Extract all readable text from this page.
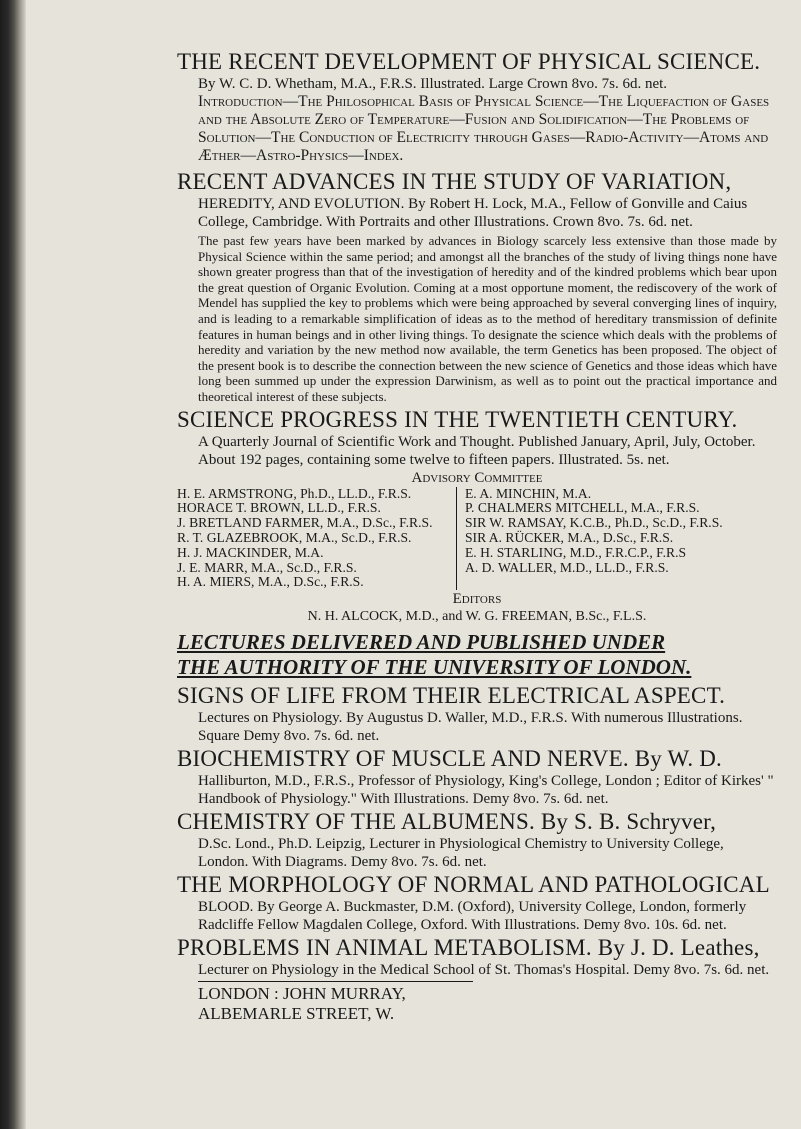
THE RECENT DEVELOPMENT OF PHYSICAL SCIENCE.

By W. C. D. Whetham, M.A., F.R.S. Illustrated. Large Crown 8vo. 7s. 6d. net.

Introduction—The Philosophical Basis of Physical Science—The Liquefaction of Gases and the Absolute Zero of Temperature—Fusion and Solidification—The Problems of Solution—The Conduction of Electricity through Gases—Radio-Activity—Atoms and Æther—Astro-Physics—Index.

RECENT ADVANCES IN THE STUDY OF VARIATION,

HEREDITY, AND EVOLUTION. By Robert H. Lock, M.A., Fellow of Gonville and Caius College, Cambridge. With Portraits and other Illustrations. Crown 8vo. 7s. 6d. net.

The past few years have been marked by advances in Biology scarcely less extensive than those made by Physical Science within the same period; and amongst all the branches of the study of living things none have shown greater progress than that of the investigation of heredity and of the kindred problems which bear upon the great question of Organic Evolution. Coming at a most opportune moment, the rediscovery of the work of Mendel has supplied the key to problems which were being approached by several converging lines of inquiry, and is leading to a remarkable simplification of ideas as to the method of hereditary transmission of definite features in human beings and in other living things. To designate the science which deals with the problems of heredity and variation by the new method now available, the term Genetics has been proposed. The object of the present book is to describe the connection between the new science of Genetics and those ideas which have long been summed up under the expression Darwinism, as well as to point out the practical importance and theoretical interest of these subjects.

SCIENCE PROGRESS IN THE TWENTIETH CENTURY.

A Quarterly Journal of Scientific Work and Thought. Published January, April, July, October. About 192 pages, containing some twelve to fifteen papers. Illustrated. 5s. net.

Advisory Committee

H. E. ARMSTRONG, Ph.D., LL.D., F.R.S.
HORACE T. BROWN, LL.D., F.R.S.
J. BRETLAND FARMER, M.A., D.Sc., F.R.S.
R. T. GLAZEBROOK, M.A., Sc.D., F.R.S.
H. J. MACKINDER, M.A.
J. E. MARR, M.A., Sc.D., F.R.S.
H. A. MIERS, M.A., D.Sc., F.R.S.
E. A. MINCHIN, M.A.
P. CHALMERS MITCHELL, M.A., F.R.S.
SIR W. RAMSAY, K.C.B., Ph.D., Sc.D., F.R.S.
SIR A. RÜCKER, M.A., D.Sc., F.R.S.
E. H. STARLING, M.D., F.R.C.P., F.R.S
A. D. WALLER, M.D., LL.D., F.R.S.

Editors

N. H. ALCOCK, M.D., and W. G. FREEMAN, B.Sc., F.L.S.

LECTURES DELIVERED AND PUBLISHED UNDER
THE AUTHORITY OF THE UNIVERSITY OF LONDON.
SIGNS OF LIFE FROM THEIR ELECTRICAL ASPECT.

Lectures on Physiology. By Augustus D. Waller, M.D., F.R.S. With numerous Illustrations. Square Demy 8vo. 7s. 6d. net.

BIOCHEMISTRY OF MUSCLE AND NERVE. By W. D.

Halliburton, M.D., F.R.S., Professor of Physiology, King's College, London ; Editor of Kirkes' " Handbook of Physiology." With Illustrations. Demy 8vo. 7s. 6d. net.

CHEMISTRY OF THE ALBUMENS. By S. B. Schryver,

D.Sc. Lond., Ph.D. Leipzig, Lecturer in Physiological Chemistry to University College, London. With Diagrams. Demy 8vo. 7s. 6d. net.

THE MORPHOLOGY OF NORMAL AND PATHOLOGICAL

BLOOD. By George A. Buckmaster, D.M. (Oxford), University College, London, formerly Radcliffe Fellow Magdalen College, Oxford. With Illustrations. Demy 8vo. 10s. 6d. net.

PROBLEMS IN ANIMAL METABOLISM. By J. D. Leathes,

Lecturer on Physiology in the Medical School of St. Thomas's Hospital. Demy 8vo. 7s. 6d. net.

LONDON : JOHN MURRAY, ALBEMARLE STREET, W.
